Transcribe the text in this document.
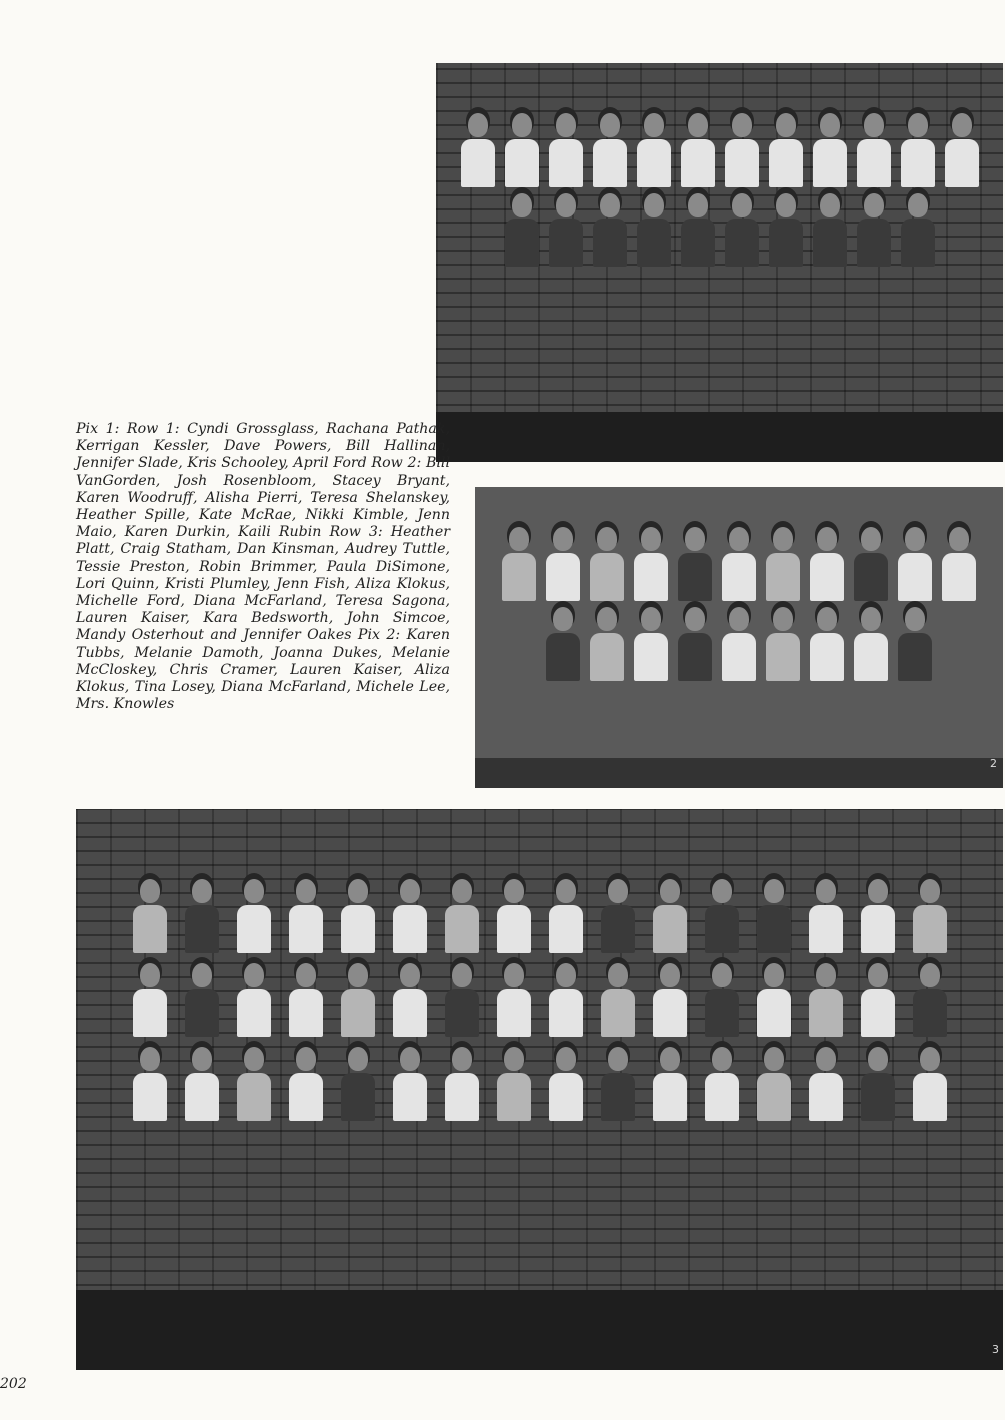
Pix 1: Row 1: Cyndi Grossglass, Rachana Pathak, Kerrigan Kessler, Dave Powers, Bill Hallinan, Jennifer Slade, Kris Schooley, April Ford Row 2: Bill VanGorden, Josh Rosenbloom, Stacey Bryant, Karen Woodruff, Alisha Pierri, Teresa Shelanskey, Heather Spille, Kate McRae, Nikki Kimble, Jenn Maio, Karen Durkin, Kaili Rubin Row 3: Heather Platt, Craig Statham, Dan Kinsman, Audrey Tuttle, Tessie Preston, Robin Brimmer, Paula DiSimone, Lori Quinn, Kristi Plumley, Jenn Fish, Aliza Klokus, Michelle Ford, Diana McFarland, Teresa Sagona, Lauren Kaiser, Kara Bedsworth, John Simcoe, Mandy Osterhout and Jennifer Oakes Pix 2: Karen Tubbs, Melanie Damoth, Joanna Dukes, Melanie McCloskey, Chris Cramer, Lauren Kaiser, Aliza Klokus, Tina Losey, Diana McFarland, Michele Lee, Mrs. Knowles

2
3
202
